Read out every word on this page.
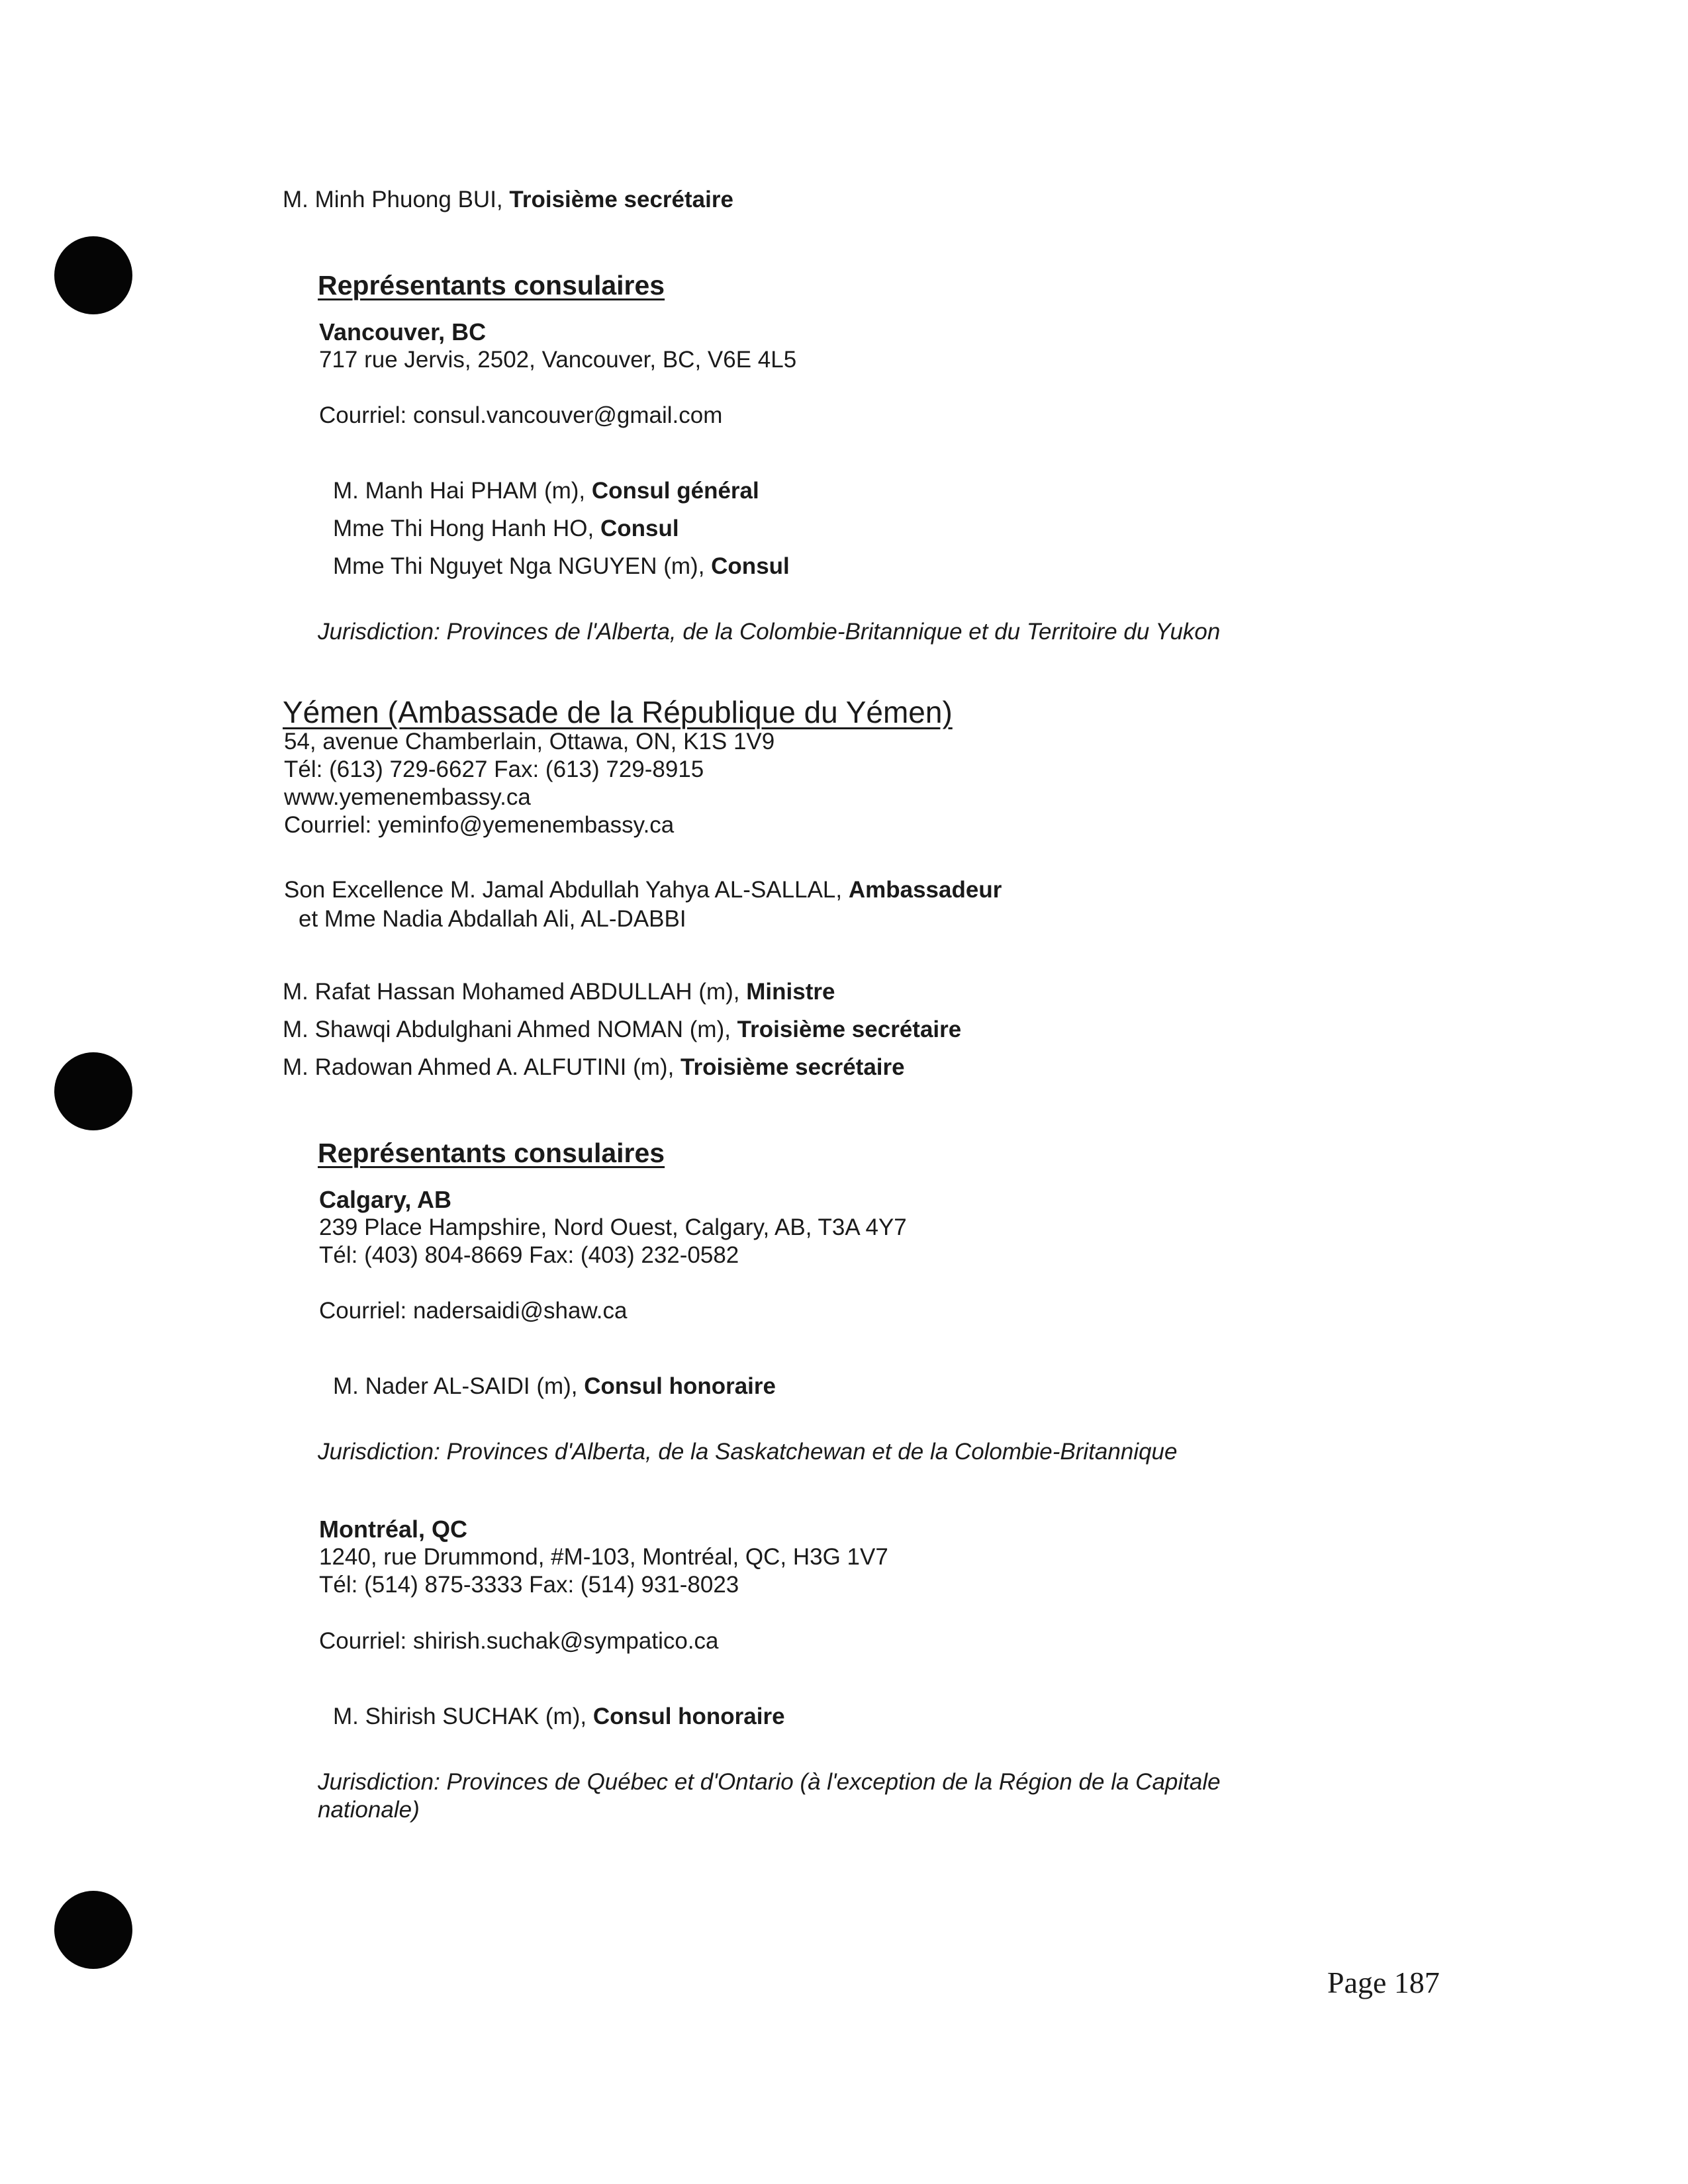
M. Minh Phuong BUI, Troisième secrétaire
Représentants consulaires
Vancouver, BC
717 rue Jervis, 2502, Vancouver, BC, V6E 4L5
Courriel: consul.vancouver@gmail.com
M. Manh Hai PHAM (m), Consul général
Mme Thi Hong Hanh HO, Consul
Mme Thi Nguyet Nga NGUYEN (m), Consul
Jurisdiction: Provinces de l'Alberta, de la Colombie-Britannique et du Territoire du Yukon
Yémen (Ambassade de la République du Yémen)
54, avenue Chamberlain, Ottawa, ON, K1S 1V9
Tél: (613) 729-6627 Fax: (613) 729-8915
www.yemenembassy.ca
Courriel: yeminfo@yemenembassy.ca
Son Excellence M. Jamal Abdullah Yahya AL-SALLAL, Ambassadeur
et Mme Nadia Abdallah Ali, AL-DABBI
M. Rafat Hassan Mohamed ABDULLAH (m), Ministre
M. Shawqi Abdulghani Ahmed NOMAN (m), Troisième secrétaire
M. Radowan Ahmed A. ALFUTINI (m), Troisième secrétaire
Représentants consulaires
Calgary, AB
239 Place Hampshire, Nord Ouest, Calgary, AB, T3A 4Y7
Tél: (403) 804-8669 Fax: (403) 232-0582
Courriel: nadersaidi@shaw.ca
M. Nader AL-SAIDI (m), Consul honoraire
Jurisdiction: Provinces d'Alberta, de la Saskatchewan et de la Colombie-Britannique
Montréal, QC
1240, rue Drummond, #M-103, Montréal, QC, H3G 1V7
Tél: (514) 875-3333 Fax: (514) 931-8023
Courriel: shirish.suchak@sympatico.ca
M. Shirish SUCHAK (m), Consul honoraire
Jurisdiction: Provinces de Québec et d'Ontario (à l'exception de la Région de la Capitale
nationale)
Page 187
